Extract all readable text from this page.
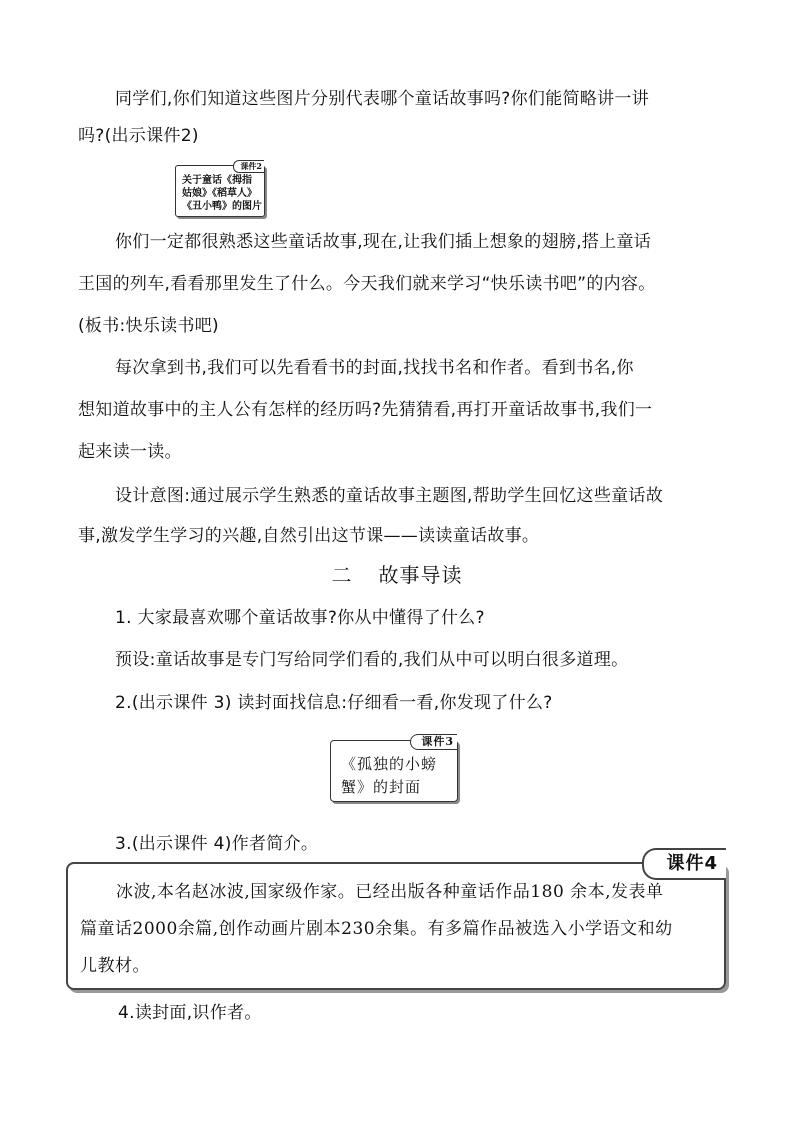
同学们,你们知道这些图片分别代表哪个童话故事吗?你们能简略讲一讲
吗?(出示课件2)
课件2
关于童话《拇指
姑娘》《稻草人》
《丑小鸭》的图片
你们一定都很熟悉这些童话故事,现在,让我们插上想象的翅膀,搭上童话
王国的列车,看看那里发生了什么。今天我们就来学习“快乐读书吧”的内容。
(板书:快乐读书吧)
每次拿到书,我们可以先看看书的封面,找找书名和作者。看到书名,你
想知道故事中的主人公有怎样的经历吗?先猜猜看,再打开童话故事书,我们一
起来读一读。
设计意图:通过展示学生熟悉的童话故事主题图,帮助学生回忆这些童话故
事,激发学生学习的兴趣,自然引出这节课——读读童话故事。
二 故事导读
1. 大家最喜欢哪个童话故事?你从中懂得了什么?
预设:童话故事是专门写给同学们看的,我们从中可以明白很多道理。
2.(出示课件 3) 读封面找信息:仔细看一看,你发现了什么?
课件3
《孤独的小螃
蟹》的封面
3.(出示课件 4)作者简介。
课件4
冰波,本名赵冰波,国家级作家。已经出版各种童话作品180 余本,发表单
篇童话2000余篇,创作动画片剧本230余集。有多篇作品被选入小学语文和幼
儿教材。
4.读封面,识作者。
